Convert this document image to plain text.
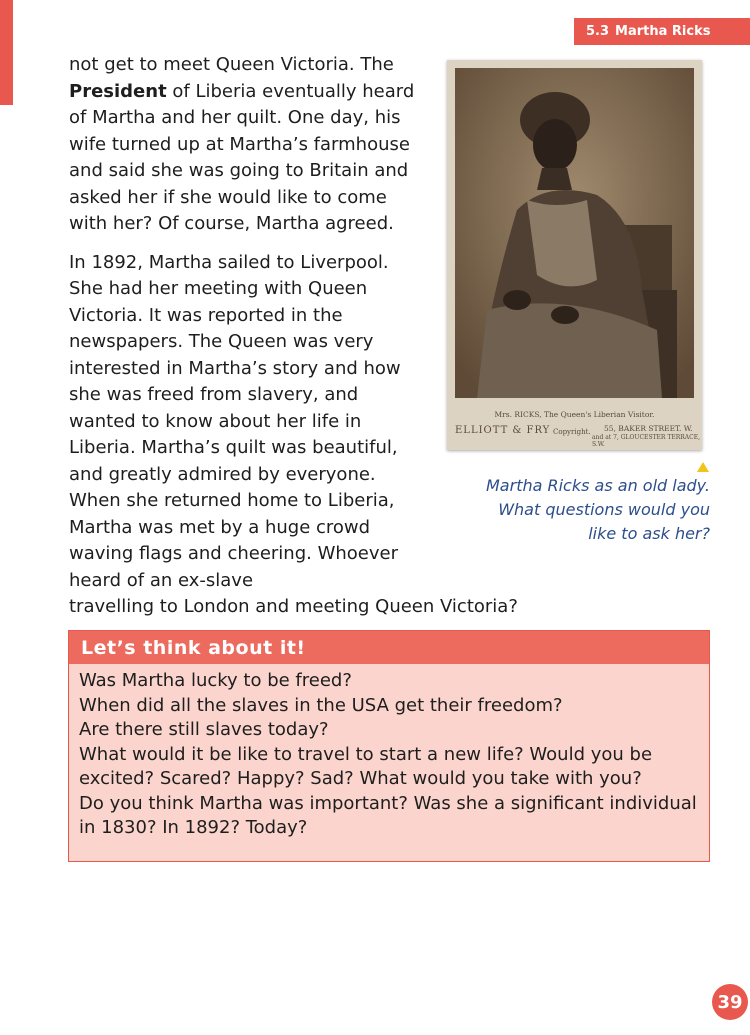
5.3 Martha Ricks

not get to meet Queen Victoria. The President of Liberia eventually heard of Martha and her quilt. One day, his wife turned up at Martha’s farmhouse and said she was going to Britain and asked her if she would like to come with her? Of course, Martha agreed.

In 1892, Martha sailed to Liverpool. She had her meeting with Queen Victoria. It was reported in the newspapers. The Queen was very interested in Martha’s story and how she was freed from slavery, and wanted to know about her life in Liberia. Martha’s quilt was beautiful, and greatly admired by everyone. When she returned home to Liberia, Martha was met by a huge crowd waving flags and cheering. Whoever heard of an ex-slave
travelling to London and meeting Queen Victoria?

Mrs. RICKS, The Queen's Liberian Visitor.
ELLIOTT & FRY Copyright. 55, BAKER STREET. W.
and at 7, GLOUCESTER TERRACE, S.W.
Martha Ricks as an old lady. What questions would you like to ask her?
Let’s think about it!
Was Martha lucky to be freed?
When did all the slaves in the USA get their freedom?
Are there still slaves today?
What would it be like to travel to start a new life? Would you be excited? Scared? Happy? Sad? What would you take with you?
Do you think Martha was important? Was she a significant individual in 1830? In 1892? Today?
39
